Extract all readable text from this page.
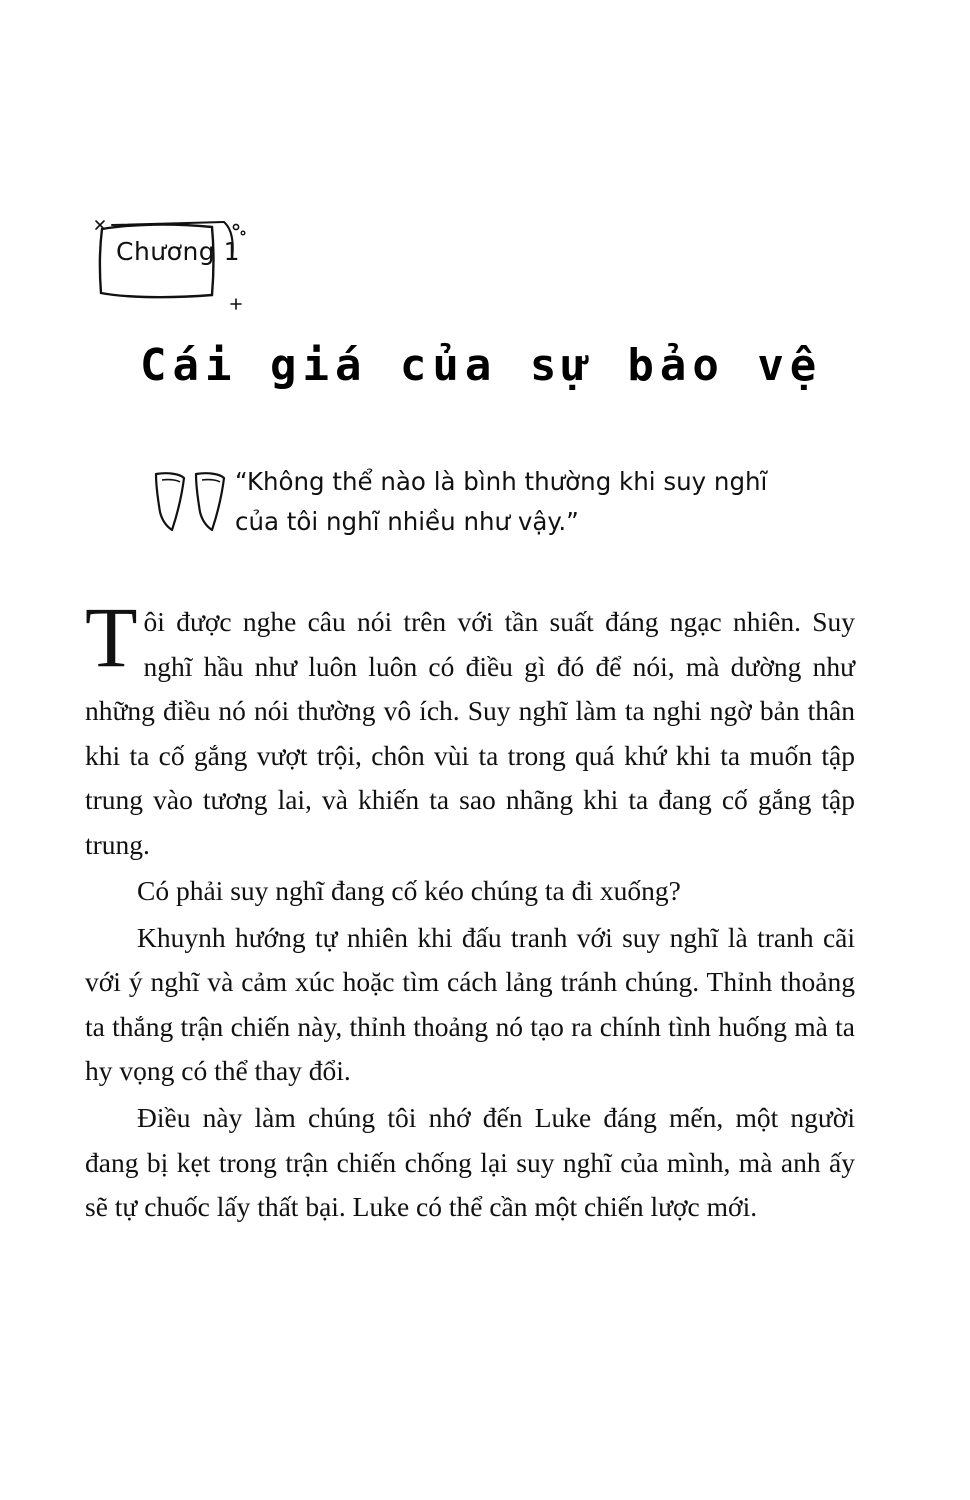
Chương 1
Cái giá của sự bảo vệ
“Không thể nào là bình thường khi suy nghĩ
của tôi nghĩ nhiều như vậy.”

Tôi được nghe câu nói trên với tần suất đáng ngạc nhiên. Suy nghĩ hầu như luôn luôn có điều gì đó để nói, mà dường như những điều nó nói thường vô ích. Suy nghĩ làm ta nghi ngờ bản thân khi ta cố gắng vượt trội, chôn vùi ta trong quá khứ khi ta muốn tập trung vào tương lai, và khiến ta sao nhãng khi ta đang cố gắng tập trung.

Có phải suy nghĩ đang cố kéo chúng ta đi xuống?

Khuynh hướng tự nhiên khi đấu tranh với suy nghĩ là tranh cãi với ý nghĩ và cảm xúc hoặc tìm cách lảng tránh chúng. Thỉnh thoảng ta thắng trận chiến này, thỉnh thoảng nó tạo ra chính tình huống mà ta hy vọng có thể thay đổi.

Điều này làm chúng tôi nhớ đến Luke đáng mến, một người đang bị kẹt trong trận chiến chống lại suy nghĩ của mình, mà anh ấy sẽ tự chuốc lấy thất bại. Luke có thể cần một chiến lược mới.
